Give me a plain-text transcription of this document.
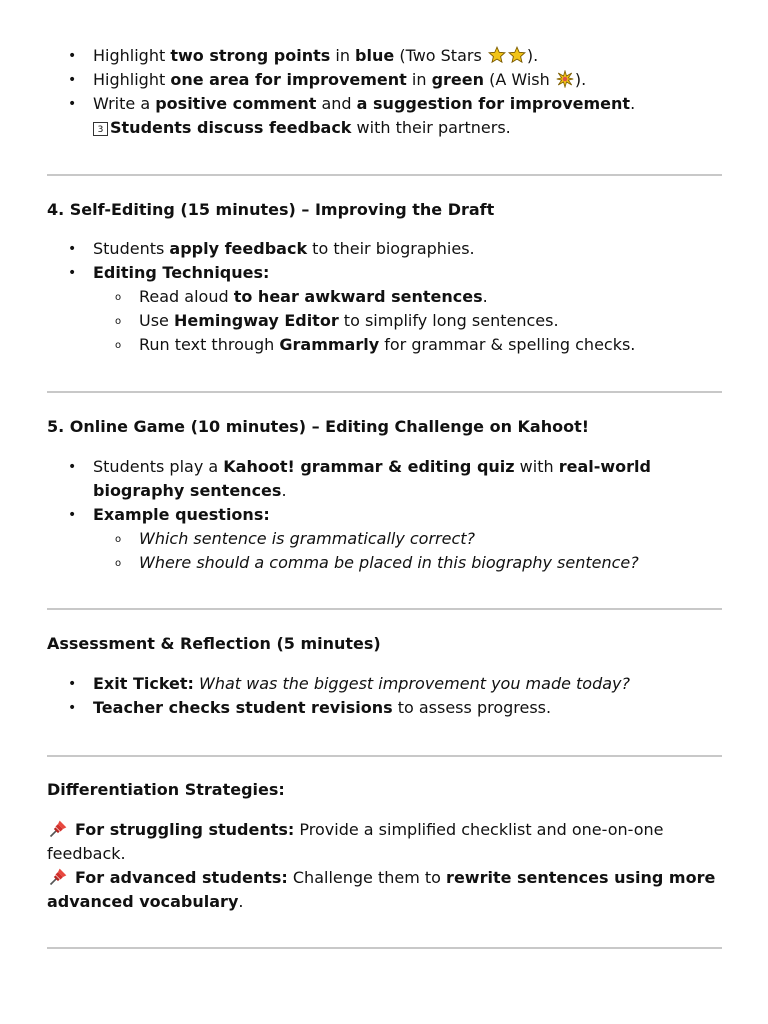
• Highlight two strong points in blue (Two Stars	).
• Highlight one area for improvement in green (A Wish ).
• Write a positive comment and a suggestion for improvement.
3 Students discuss feedback with their partners.
4. Self-Editing (15 minutes) – Improving the Draft
• Students apply feedback to their biographies.
• Editing Techniques:
o Read aloud to hear awkward sentences.
o Use Hemingway Editor to simplify long sentences.
o Run text through Grammarly for grammar & spelling checks.
5. Online Game (10 minutes) – Editing Challenge on Kahoot!
• Students play a Kahoot! grammar & editing quiz with real-world
biography sentences.
• Example questions:
o Which sentence is grammatically correct?
o Where should a comma be placed in this biography sentence?
Assessment & Reflection (5 minutes)
• Exit Ticket: What was the biggest improvement you made today?
• Teacher checks student revisions to assess progress.
Differentiation Strategies:
For struggling students: Provide a simplified checklist and one-on-one
feedback.
For advanced students: Challenge them to rewrite sentences using more
advanced vocabulary.
